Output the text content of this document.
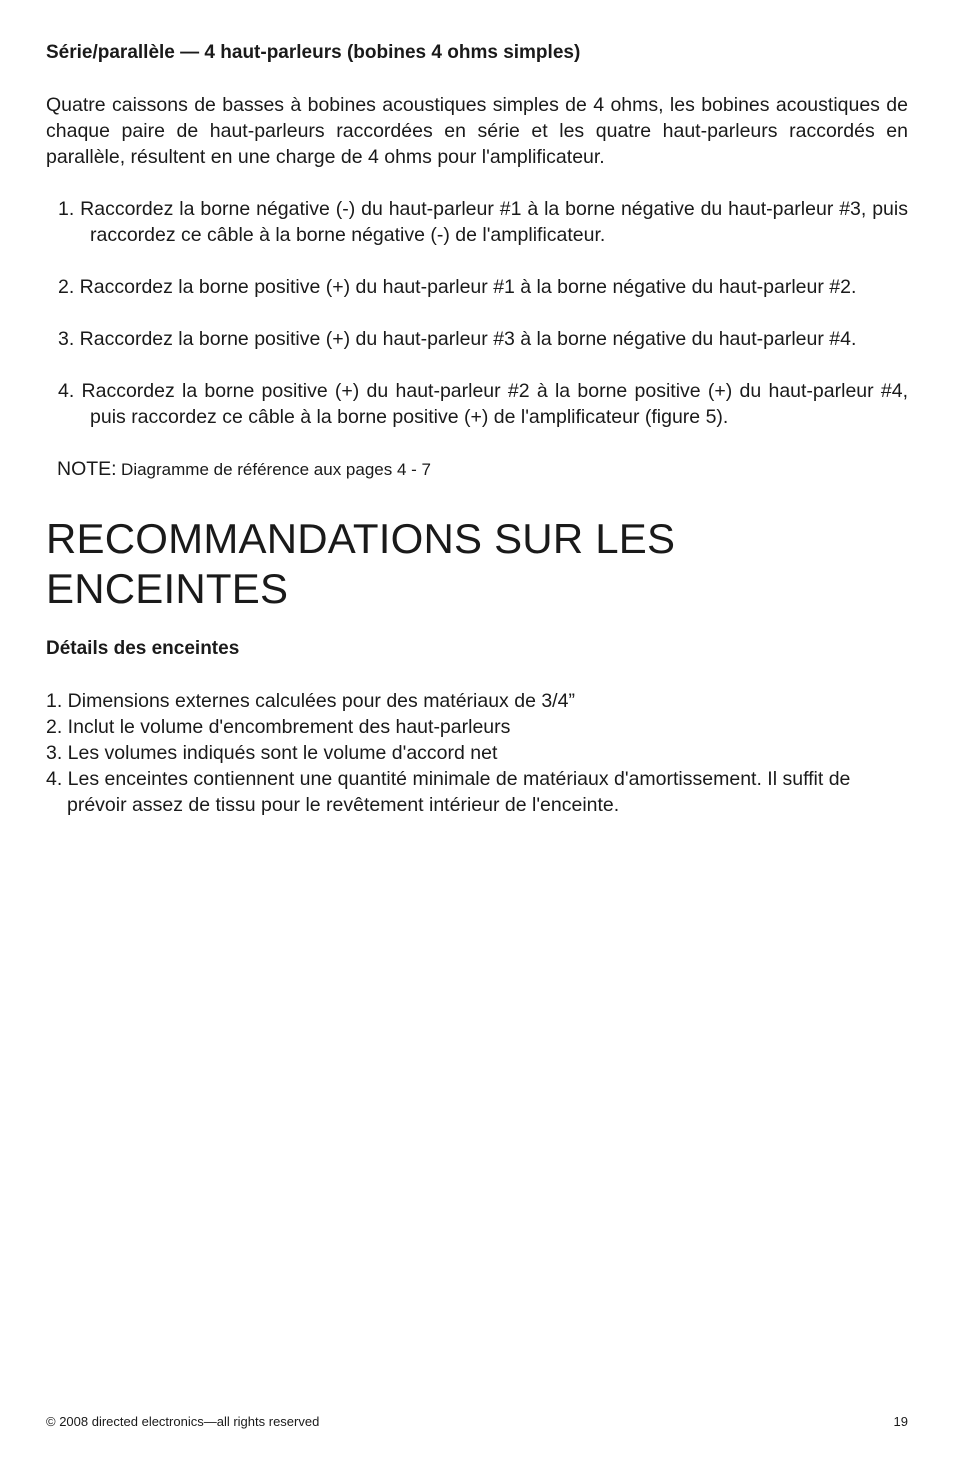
Série/parallèle — 4 haut-parleurs (bobines 4 ohms simples)

Quatre caissons de basses à bobines acoustiques simples de 4 ohms, les bobines acoustiques de chaque paire de haut-parleurs raccordées en série et les quatre haut-parleurs raccordés en parallèle, résultent en une charge de 4 ohms pour l'amplificateur.

1. Raccordez la borne négative (-) du haut-parleur #1 à la borne négative du haut-parleur #3, puis raccordez ce câble à la borne négative (-) de l'amplificateur.
2. Raccordez la borne positive (+) du haut-parleur #1 à la borne négative du haut-parleur #2.
3. Raccordez la borne positive (+) du haut-parleur #3 à la borne négative du haut-parleur #4.
4. Raccordez la borne positive (+) du haut-parleur #2 à la borne positive (+) du haut-parleur #4, puis raccordez ce câble à la borne positive (+) de l'amplificateur (figure 5).
NOTE: Diagramme de référence aux pages 4 - 7
RECOMMANDATIONS SUR LES ENCEINTES
Détails des enceintes
1. Dimensions externes calculées pour des matériaux de 3/4”
2. Inclut le volume d'encombrement des haut-parleurs
3. Les volumes indiqués sont le volume d'accord net
4. Les enceintes contiennent une quantité minimale de matériaux d'amortissement. Il suffit de prévoir assez de tissu pour le revêtement intérieur de l'enceinte.
© 2008 directed electronics—all rights reserved	19
